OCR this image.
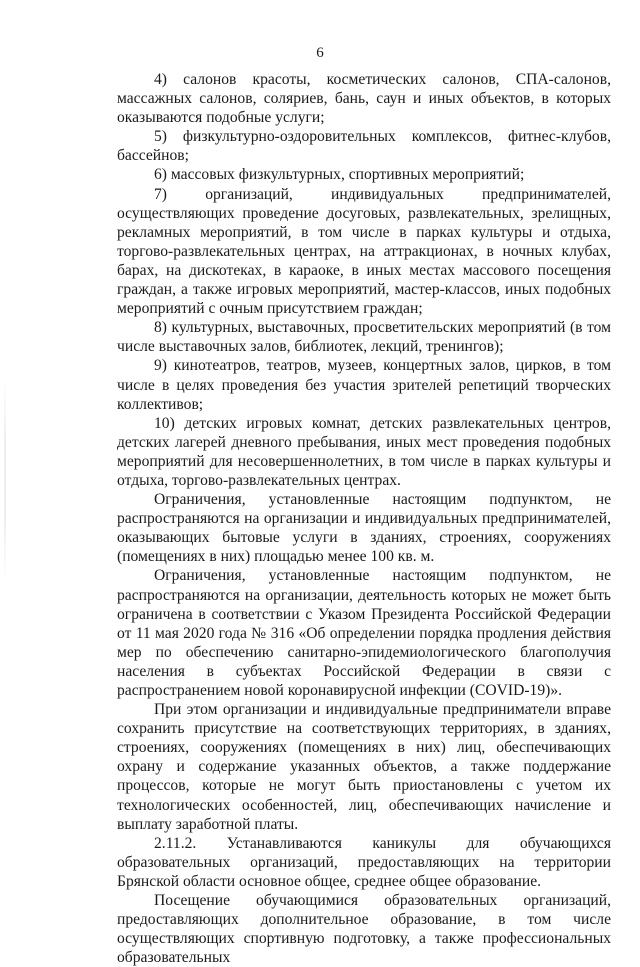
6

4) салонов красоты, косметических салонов, СПА-салонов, массажных салонов, соляриев, бань, саун и иных объектов, в которых оказываются подобные услуги;

5) физкультурно-оздоровительных комплексов, фитнес-клубов, бассейнов;

6) массовых физкультурных, спортивных мероприятий;

7) организаций, индивидуальных предпринимателей, осуществляющих проведение досуговых, развлекательных, зрелищных, рекламных мероприятий, в том числе в парках культуры и отдыха, торгово-развлекательных центрах, на аттракционах, в ночных клубах, барах, на дискотеках, в караоке, в иных местах массового посещения граждан, а также игровых мероприятий, мастер-классов, иных подобных мероприятий с очным присутствием граждан;

8) культурных, выставочных, просветительских мероприятий (в том числе выставочных залов, библиотек, лекций, тренингов);

9) кинотеатров, театров, музеев, концертных залов, цирков, в том числе в целях проведения без участия зрителей репетиций творческих коллективов;

10) детских игровых комнат, детских развлекательных центров, детских лагерей дневного пребывания, иных мест проведения подобных мероприятий для несовершеннолетних, в том числе в парках культуры и отдыха, торгово-развлекательных центрах.

Ограничения, установленные настоящим подпунктом, не распространяются на организации и индивидуальных предпринимателей, оказывающих бытовые услуги в зданиях, строениях, сооружениях (помещениях в них) площадью менее 100 кв. м.

Ограничения, установленные настоящим подпунктом, не распространяются на организации, деятельность которых не может быть ограничена в соответствии с Указом Президента Российской Федерации от 11 мая 2020 года № 316 «Об определении порядка продления действия мер по обеспечению санитарно-эпидемиологического благополучия населения в субъектах Российской Федерации в связи с распространением новой коронавирусной инфекции (COVID-19)».

При этом организации и индивидуальные предприниматели вправе сохранить присутствие на соответствующих территориях, в зданиях, строениях, сооружениях (помещениях в них) лиц, обеспечивающих охрану и содержание указанных объектов, а также поддержание процессов, которые не могут быть приостановлены с учетом их технологических особенностей, лиц, обеспечивающих начисление и выплату заработной платы.

2.11.2. Устанавливаются каникулы для обучающихся образовательных организаций, предоставляющих на территории Брянской области основное общее, среднее общее образование.

Посещение обучающимися образовательных организаций, предоставляющих дополнительное образование, в том числе осуществляющих спортивную подготовку, а также профессиональных образовательных
